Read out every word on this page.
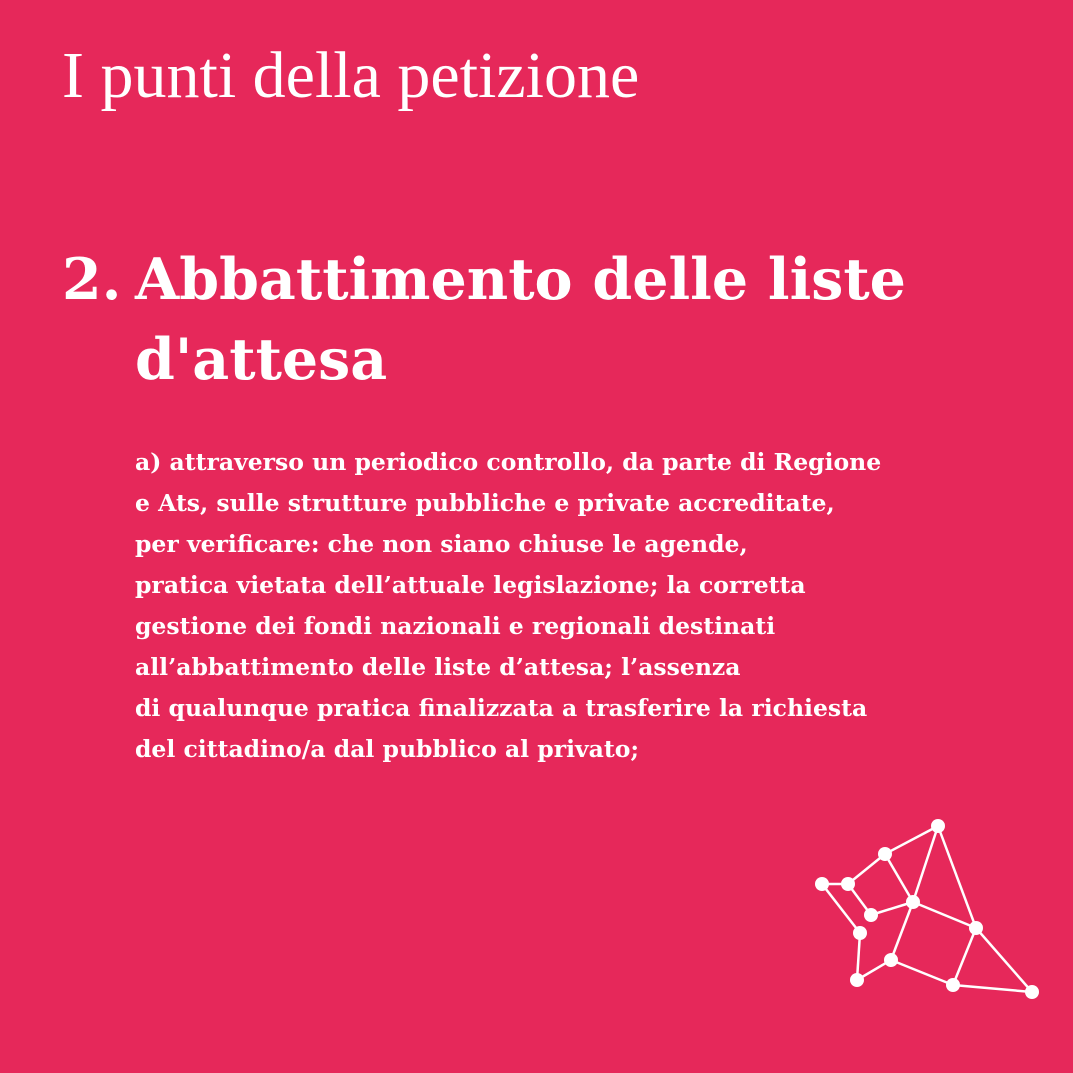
I punti della petizione
2. Abbattimento delle liste d'attesa

a) attraverso un periodico controllo, da parte di Regione
e Ats, sulle strutture pubbliche e private accreditate,
per verificare: che non siano chiuse le agende,
pratica vietata dell’attuale legislazione; la corretta
gestione dei fondi nazionali e regionali destinati
all’abbattimento delle liste d’attesa; l’assenza
di qualunque pratica finalizzata a trasferire la richiesta
del cittadino/a dal pubblico al privato;
